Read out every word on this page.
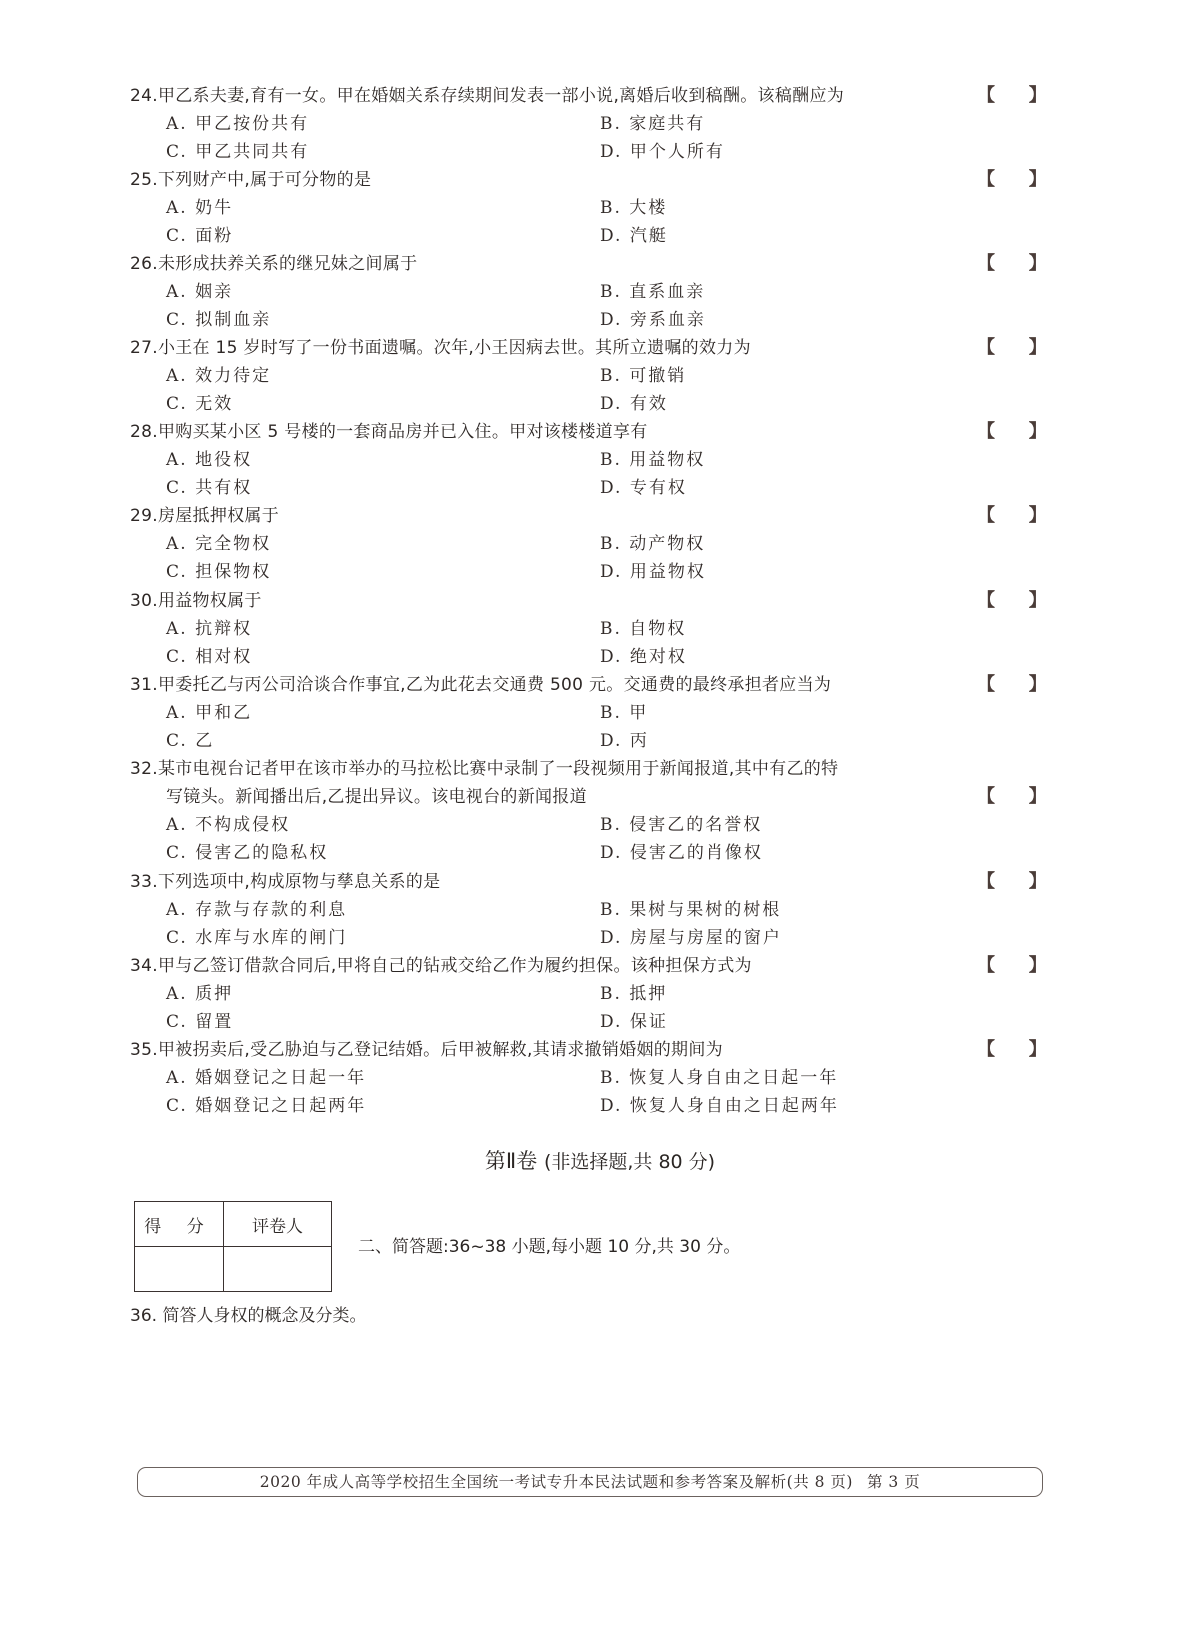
24.甲乙系夫妻,育有一女。甲在婚姻关系存续期间发表一部小说,离婚后收到稿酬。该稿酬应为	【 】
A. 甲乙按份共有	B. 家庭共有
C. 甲乙共同共有	D. 甲个人所有
25.下列财产中,属于可分物的是	【 】
A. 奶牛	B. 大楼
C. 面粉	D. 汽艇
26.未形成扶养关系的继兄妹之间属于	【 】
A. 姻亲	B. 直系血亲
C. 拟制血亲	D. 旁系血亲
27.小王在 15 岁时写了一份书面遗嘱。次年,小王因病去世。其所立遗嘱的效力为	【 】
A. 效力待定	B. 可撤销
C. 无效	D. 有效
28.甲购买某小区 5 号楼的一套商品房并已入住。甲对该楼楼道享有	【 】
A. 地役权	B. 用益物权
C. 共有权	D. 专有权
29.房屋抵押权属于	【 】
A. 完全物权	B. 动产物权
C. 担保物权	D. 用益物权
30.用益物权属于	【 】
A. 抗辩权	B. 自物权
C. 相对权	D. 绝对权
31.甲委托乙与丙公司洽谈合作事宜,乙为此花去交通费 500 元。交通费的最终承担者应当为	【 】
A. 甲和乙	B. 甲
C. 乙	D. 丙
32.某市电视台记者甲在该市举办的马拉松比赛中录制了一段视频用于新闻报道,其中有乙的特
写镜头。新闻播出后,乙提出异议。该电视台的新闻报道	【 】
A. 不构成侵权	B. 侵害乙的名誉权
C. 侵害乙的隐私权	D. 侵害乙的肖像权
33.下列选项中,构成原物与孳息关系的是	【 】
A. 存款与存款的利息	B. 果树与果树的树根
C. 水库与水库的闸门	D. 房屋与房屋的窗户
34.甲与乙签订借款合同后,甲将自己的钻戒交给乙作为履约担保。该种担保方式为	【 】
A. 质押	B. 抵押
C. 留置	D. 保证
35.甲被拐卖后,受乙胁迫与乙登记结婚。后甲被解救,其请求撤销婚姻的期间为	【 】
A. 婚姻登记之日起一年	B. 恢复人身自由之日起一年
C. 婚姻登记之日起两年	D. 恢复人身自由之日起两年
第Ⅱ卷 (非选择题,共 80 分)
得 分	评卷人

二、简答题:36~38 小题,每小题 10 分,共 30 分。
36. 简答人身权的概念及分类。
2020 年成人高等学校招生全国统一考试专升本民法试题和参考答案及解析(共 8 页) 第 3 页
